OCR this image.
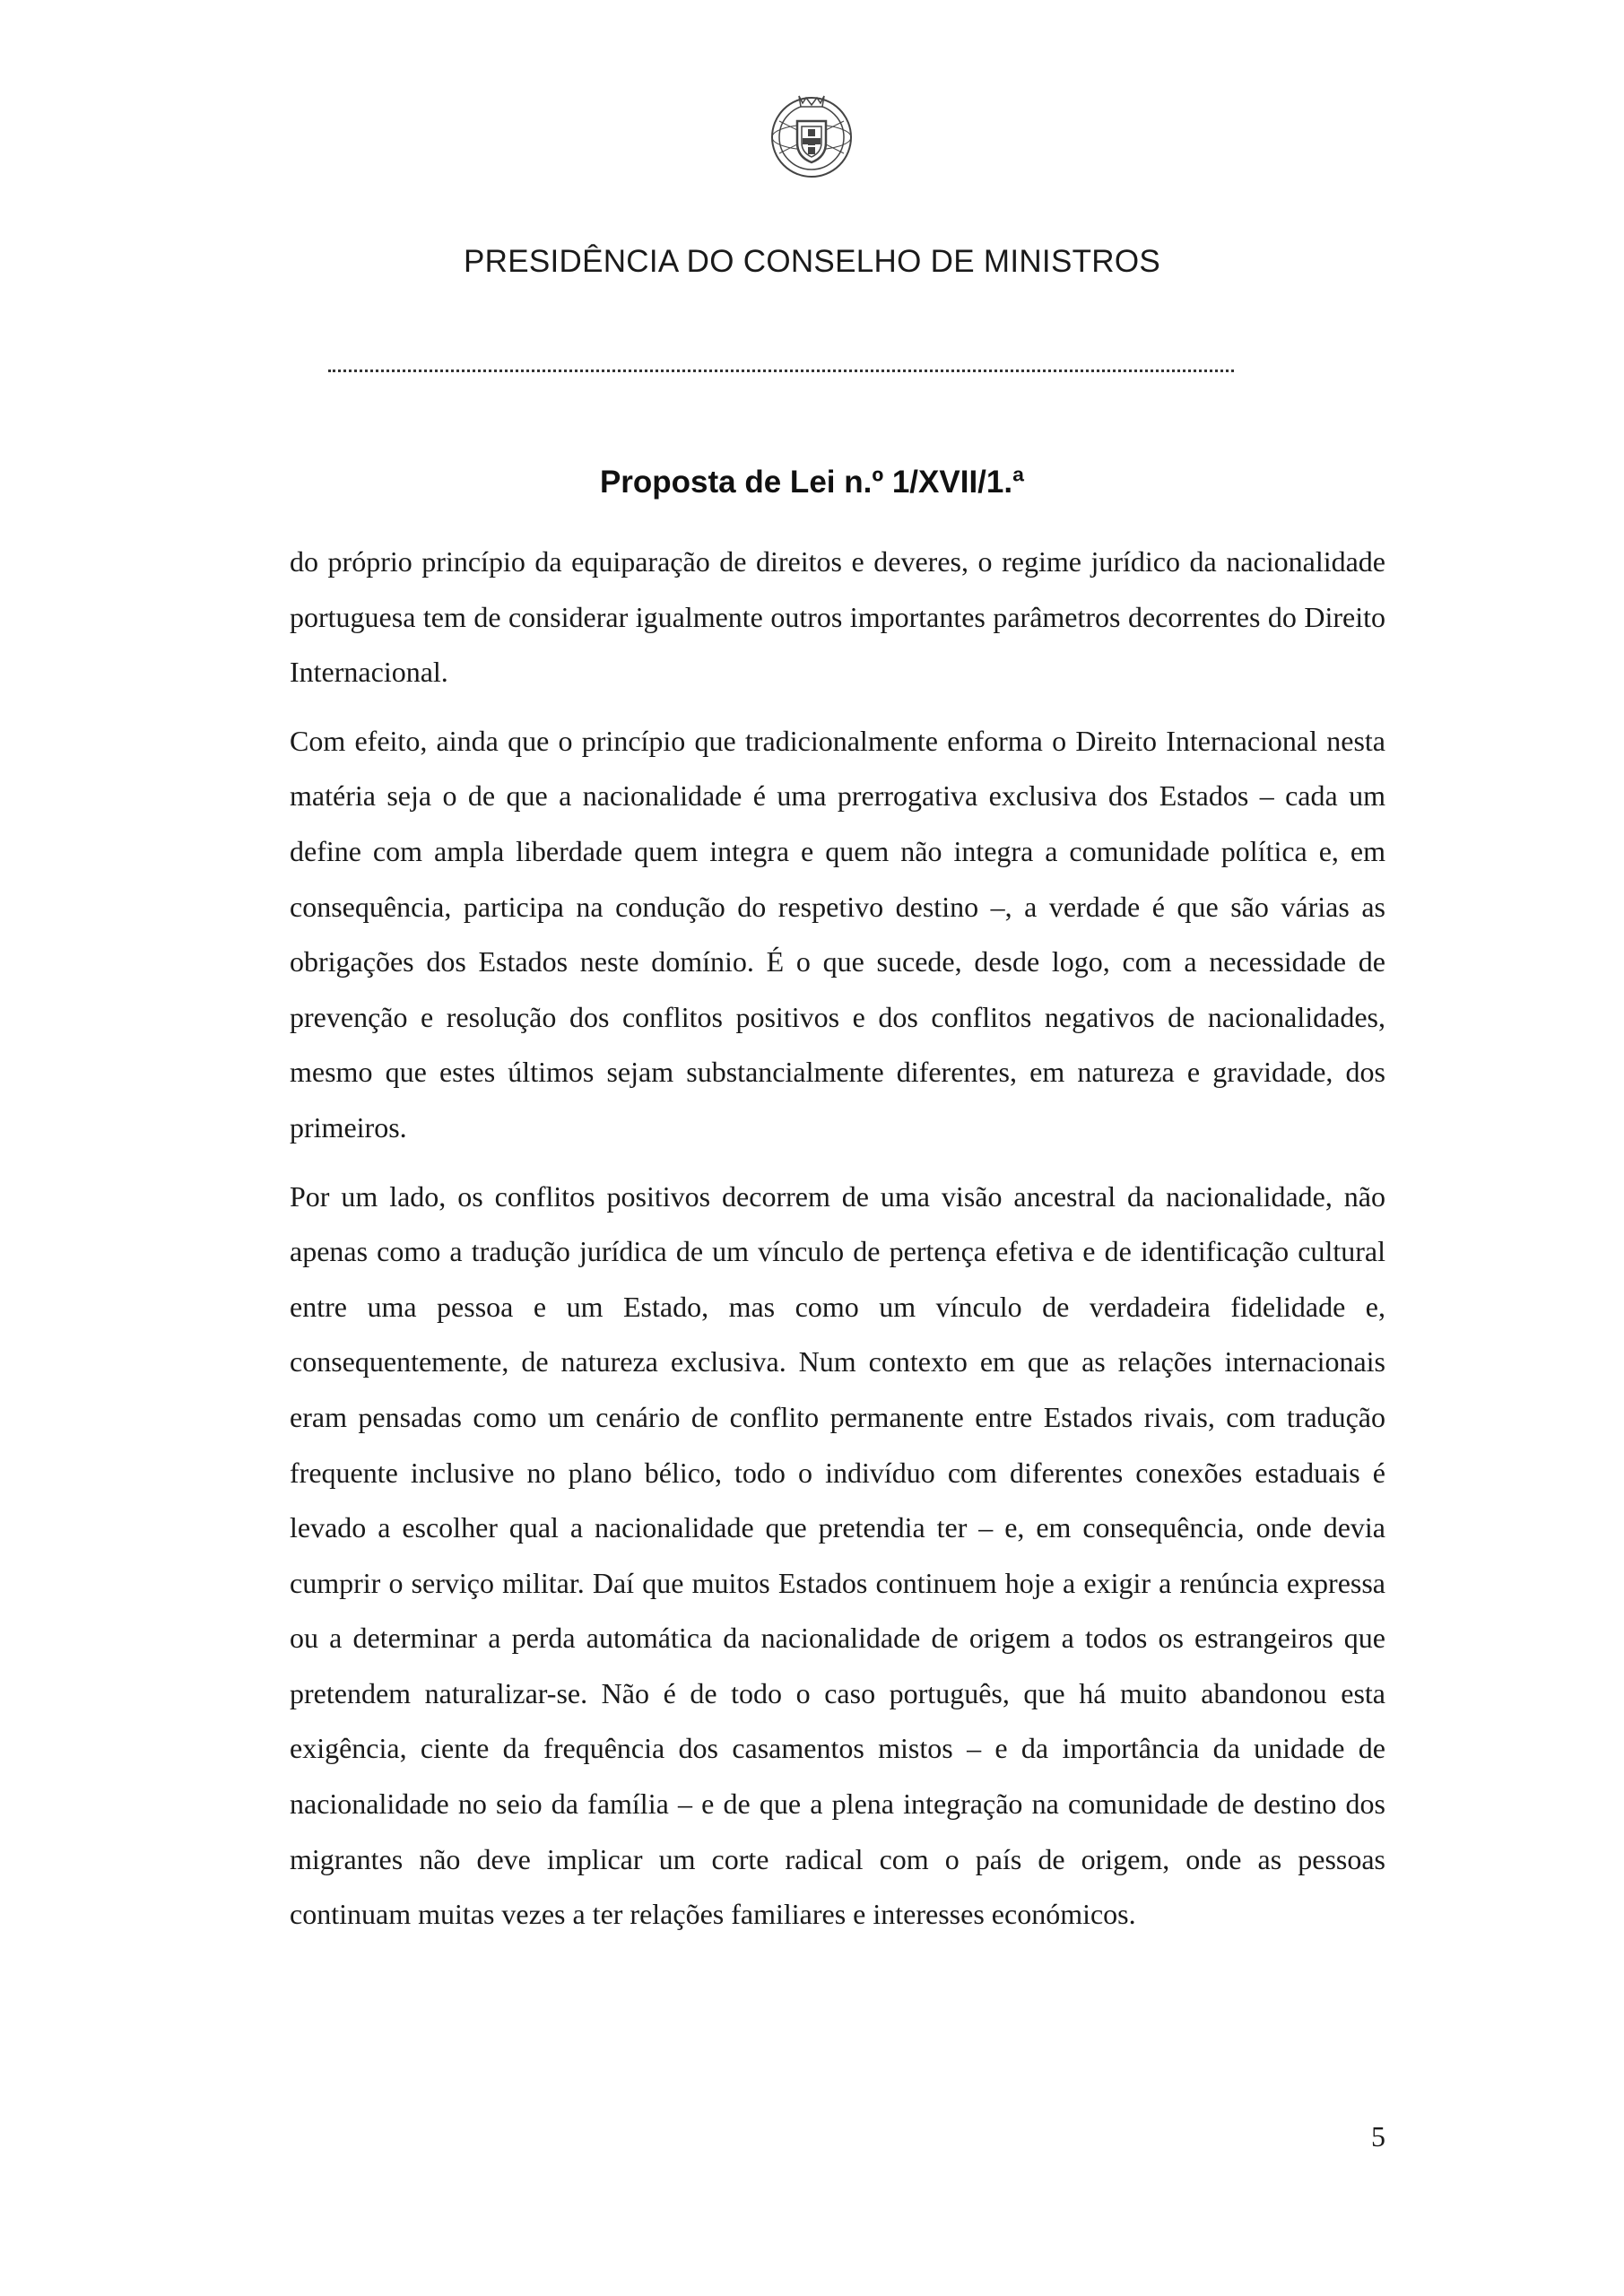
PRESIDÊNCIA DO CONSELHO DE MINISTROS
Proposta de Lei n.º 1/XVII/1.ª

do próprio princípio da equiparação de direitos e deveres, o regime jurídico da nacionalidade portuguesa tem de considerar igualmente outros importantes parâmetros decorrentes do Direito Internacional.

Com efeito, ainda que o princípio que tradicionalmente enforma o Direito Internacional nesta matéria seja o de que a nacionalidade é uma prerrogativa exclusiva dos Estados – cada um define com ampla liberdade quem integra e quem não integra a comunidade política e, em consequência, participa na condução do respetivo destino –, a verdade é que são várias as obrigações dos Estados neste domínio. É o que sucede, desde logo, com a necessidade de prevenção e resolução dos conflitos positivos e dos conflitos negativos de nacionalidades, mesmo que estes últimos sejam substancialmente diferentes, em natureza e gravidade, dos primeiros.

Por um lado, os conflitos positivos decorrem de uma visão ancestral da nacionalidade, não apenas como a tradução jurídica de um vínculo de pertença efetiva e de identificação cultural entre uma pessoa e um Estado, mas como um vínculo de verdadeira fidelidade e, consequentemente, de natureza exclusiva. Num contexto em que as relações internacionais eram pensadas como um cenário de conflito permanente entre Estados rivais, com tradução frequente inclusive no plano bélico, todo o indivíduo com diferentes conexões estaduais é levado a escolher qual a nacionalidade que pretendia ter – e, em consequência, onde devia cumprir o serviço militar. Daí que muitos Estados continuem hoje a exigir a renúncia expressa ou a determinar a perda automática da nacionalidade de origem a todos os estrangeiros que pretendem naturalizar-se. Não é de todo o caso português, que há muito abandonou esta exigência, ciente da frequência dos casamentos mistos – e da importância da unidade de nacionalidade no seio da família – e de que a plena integração na comunidade de destino dos migrantes não deve implicar um corte radical com o país de origem, onde as pessoas continuam muitas vezes a ter relações familiares e interesses económicos.

5
